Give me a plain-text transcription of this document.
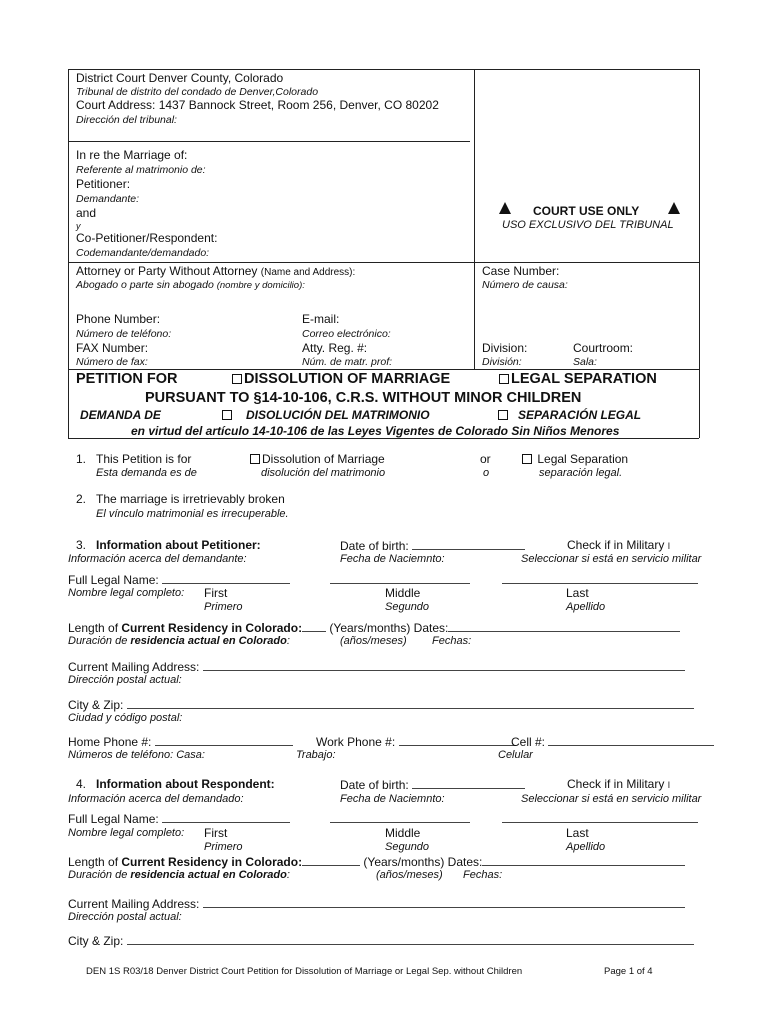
District Court Denver County, Colorado
Tribunal de distrito del condado de Denver,Colorado
Court Address: 1437 Bannock Street, Room 256, Denver, CO 80202
Dirección del tribunal:
In re the Marriage of:
Referente al matrimonio de:
Petitioner:
Demandante:
and
y
Co-Petitioner/Respondent:
Codemandante/demandado:
COURT USE ONLY
USO EXCLUSIVO DEL TRIBUNAL
Attorney or Party Without Attorney (Name and Address):
Abogado o parte sin abogado (nombre y domicilio):
Case Number:
Número de causa:
Phone Number:
Número de teléfono:
E-mail:
Correo electrónico:
FAX Number:
Número de fax:
Atty. Reg. #:
Núm. de matr. prof:
Division:
División:
Courtroom:
Sala:
PETITION FOR	DISSOLUTION OF MARRIAGE	LEGAL SEPARATION
PURSUANT TO §14-10-106, C.R.S. WITHOUT MINOR CHILDREN
DEMANDA DE	DISOLUCIÓN DEL MATRIMONIO	SEPARACIÓN LEGAL
en virtud del artículo 14-10-106 de las Leyes Vigentes de Colorado Sin Niños Menores
1. This Petition is for
Esta demanda es de
Dissolution of Marriage
disolución del matrimonio
or
o
Legal Separation
separación legal.
2. The marriage is irretrievably broken
El vínculo matrimonial es irrecuperable.
3. Information about Petitioner:
Información acerca del demandante:
Date of birth:
Fecha de Naciemnto:
Check if in Military ǀ
Seleccionar si está en servicio militar
Full Legal Name:
Nombre legal completo: First
Primero
Middle
Segundo
Last
Apellido
Length of Current Residency in Colorado: (Years/months) Dates:
Duración de residencia actual en Colorado:	(años/meses) Fechas:
Current Mailing Address:
Dirección postal actual:
City & Zip:
Ciudad y código postal:
Home Phone #:	Work Phone #:	Cell #:
Números de teléfono: Casa:	Trabajo:	Celular
4. Information about Respondent:
Información acerca del demandado:
Date of birth:
Fecha de Naciemnto:
Check if in Military ǀ
Seleccionar si está en servicio militar
Full Legal Name:
Nombre legal completo: First
Primero
Middle
Segundo
Last
Apellido
Length of Current Residency in Colorado:	(Years/months) Dates:
Duración de residencia actual en Colorado:	(años/meses) Fechas:
Current Mailing Address:
Dirección postal actual:
City & Zip:
DEN 1S R03/18 Denver District Court Petition for Dissolution of Marriage or Legal Sep. without Children	Page 1 of 4
